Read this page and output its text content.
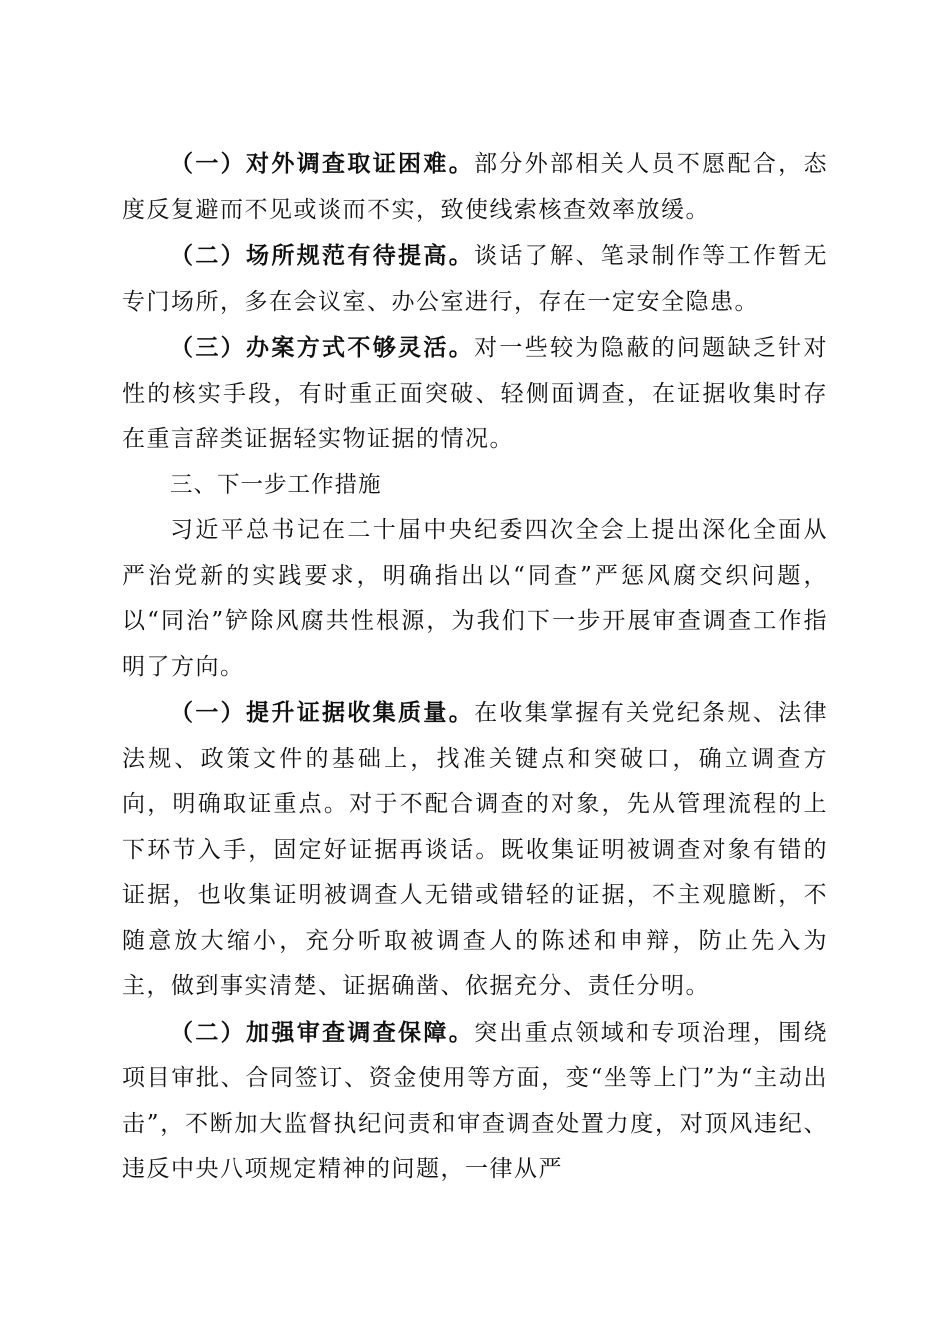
（一）对外调查取证困难。部分外部相关人员不愿配合，态度反复避而不见或谈而不实，致使线索核查效率放缓。

（二）场所规范有待提高。谈话了解、笔录制作等工作暂无专门场所，多在会议室、办公室进行，存在一定安全隐患。

（三）办案方式不够灵活。对一些较为隐蔽的问题缺乏针对性的核实手段，有时重正面突破、轻侧面调查，在证据收集时存在重言辞类证据轻实物证据的情况。

三、下一步工作措施

习近平总书记在二十届中央纪委四次全会上提出深化全面从严治党新的实践要求，明确指出以“同查”严惩风腐交织问题，以“同治”铲除风腐共性根源，为我们下一步开展审查调查工作指明了方向。

（一）提升证据收集质量。在收集掌握有关党纪条规、法律法规、政策文件的基础上，找准关键点和突破口，确立调查方向，明确取证重点。对于不配合调查的对象，先从管理流程的上下环节入手，固定好证据再谈话。既收集证明被调查对象有错的证据，也收集证明被调查人无错或错轻的证据，不主观臆断，不随意放大缩小，充分听取被调查人的陈述和申辩，防止先入为主，做到事实清楚、证据确凿、依据充分、责任分明。

（二）加强审查调查保障。突出重点领域和专项治理，围绕项目审批、合同签订、资金使用等方面，变“坐等上门”为“主动出击”，不断加大监督执纪问责和审查调查处置力度，对顶风违纪、违反中央八项规定精神的问题，一律从严
